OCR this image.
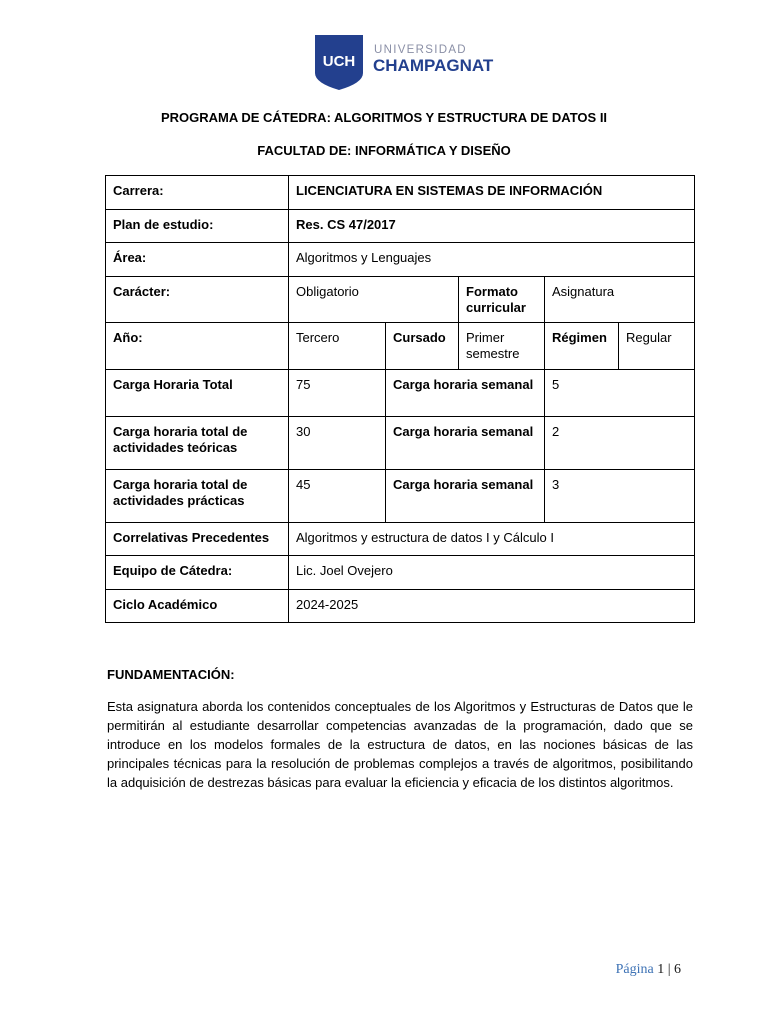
UCH
UNIVERSIDAD
CHAMPAGNAT
PROGRAMA DE CÁTEDRA: ALGORITMOS Y ESTRUCTURA DE DATOS II
FACULTAD DE: INFORMÁTICA Y DISEÑO
Carrera:	LICENCIATURA EN SISTEMAS DE INFORMACIÓN				
Plan de estudio:	Res. CS 47/2017				
Área:	Algoritmos y Lenguajes				
Carácter:	Obligatorio		Formato curricular	Asignatura	
Año:	Tercero	Cursado	Primer semestre	Régimen	Regular
Carga Horaria Total	75	Carga horaria semanal		5	
Carga horaria total de actividades teóricas	30	Carga horaria semanal		2	
Carga horaria total de actividades prácticas	45	Carga horaria semanal		3	
Correlativas Precedentes	Algoritmos y estructura de datos I y Cálculo I				
Equipo de Cátedra:	Lic. Joel Ovejero				
Ciclo Académico	2024-2025				
FUNDAMENTACIÓN:
Esta asignatura aborda los contenidos conceptuales de los Algoritmos y Estructuras de Datos que le permitirán al estudiante desarrollar competencias avanzadas de la programación, dado que se introduce en los modelos formales de la estructura de datos, en las nociones básicas de las principales técnicas para la resolución de problemas complejos a través de algoritmos, posibilitando la adquisición de destrezas básicas para evaluar la eficiencia y eficacia de los distintos algoritmos.
Página 1 | 6
